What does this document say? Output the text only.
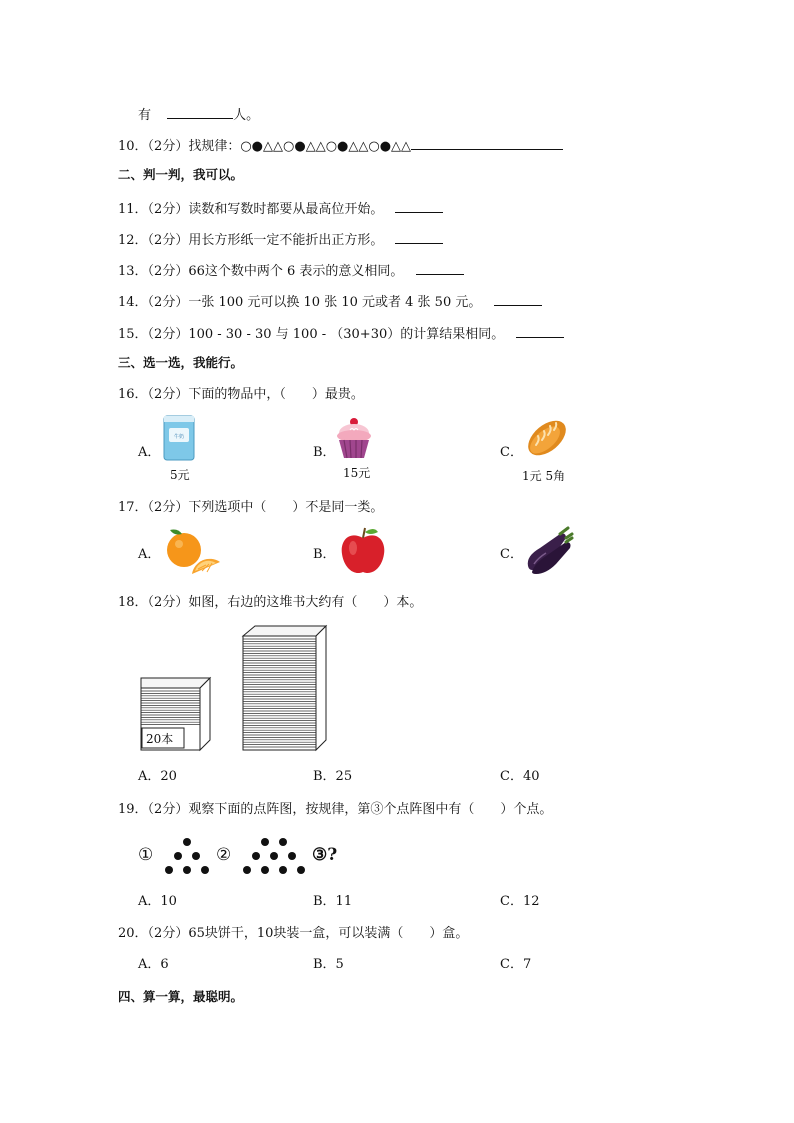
有	人。
10．（2分）找规律：○●△△○●△△○●△△○●△△
二、判一判，我可以。
11．（2分）读数和写数时都要从最高位开始。
12．（2分）用长方形纸一定不能折出正方形。
13．（2分）66这个数中两个 6 表示的意义相同。
14．（2分）一张 100 元可以换 10 张 10 元或者 4 张 50 元。
15．（2分）100 - 30 - 30 与 100 - （30+30）的计算结果相同。
三、选一选，我能行。
16．（2分）下面的物品中，（　　）最贵。
A．
牛奶
5元
B．
15元
C．
1元 5角
17．（2分）下列选项中（　　）不是同一类。
A．	B．	C．
18．（2分）如图，右边的这堆书大约有（　　）本。
20本
A．20	B．25	C．40
19．（2分）观察下面的点阵图，按规律，第③个点阵图中有（　　）个点。
①	②	③?
A．10	B．11	C．12
20．（2分）65块饼干，10块装一盒，可以装满（　　）盒。
A．6	B．5	C．7
四、算一算，最聪明。
